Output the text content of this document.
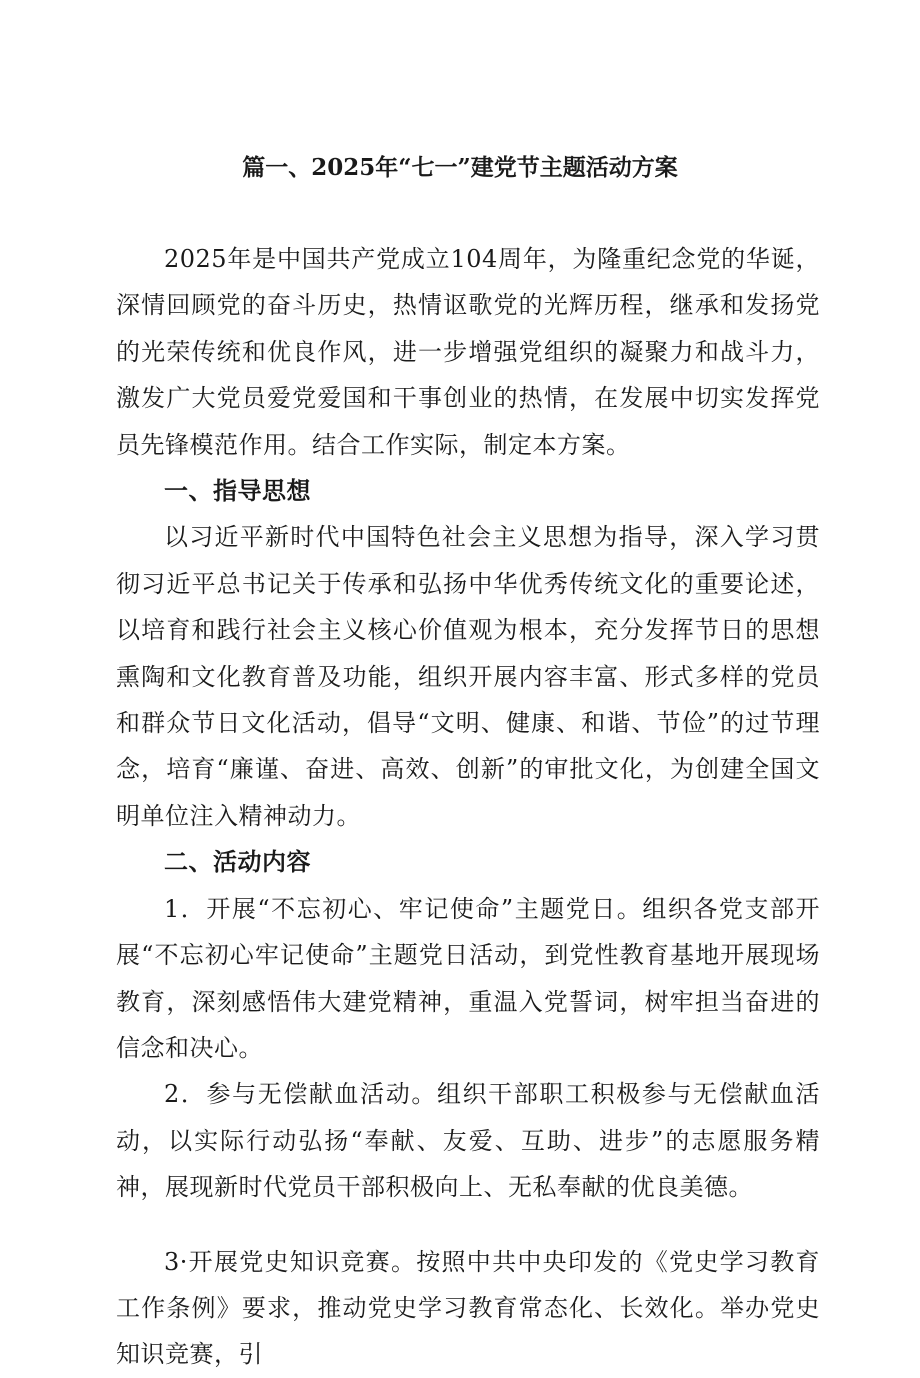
篇一、2025年“七一”建党节主题活动方案

2025年是中国共产党成立104周年，为隆重纪念党的华诞，深情回顾党的奋斗历史，热情讴歌党的光辉历程，继承和发扬党的光荣传统和优良作风，进一步增强党组织的凝聚力和战斗力，激发广大党员爱党爱国和干事创业的热情，在发展中切实发挥党员先锋模范作用。结合工作实际，制定本方案。

一、指导思想

以习近平新时代中国特色社会主义思想为指导，深入学习贯彻习近平总书记关于传承和弘扬中华优秀传统文化的重要论述，以培育和践行社会主义核心价值观为根本，充分发挥节日的思想熏陶和文化教育普及功能，组织开展内容丰富、形式多样的党员和群众节日文化活动，倡导“文明、健康、和谐、节俭”的过节理念，培育“廉谨、奋进、高效、创新”的审批文化，为创建全国文明单位注入精神动力。

二、活动内容

1．开展“不忘初心、牢记使命”主题党日。组织各党支部开展“不忘初心牢记使命”主题党日活动，到党性教育基地开展现场教育，深刻感悟伟大建党精神，重温入党誓词，树牢担当奋进的信念和决心。

2．参与无偿献血活动。组织干部职工积极参与无偿献血活动，以实际行动弘扬“奉献、友爱、互助、进步”的志愿服务精神，展现新时代党员干部积极向上、无私奉献的优良美德。

3·开展党史知识竞赛。按照中共中央印发的《党史学习教育工作条例》要求，推动党史学习教育常态化、长效化。举办党史知识竞赛，引
